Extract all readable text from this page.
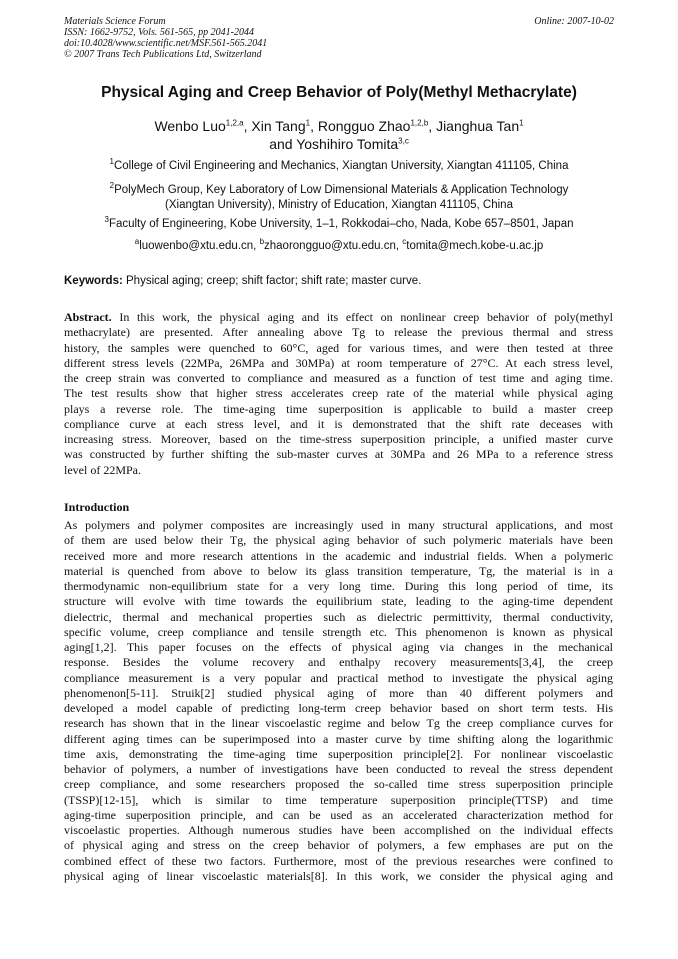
Materials Science Forum
ISSN: 1662-9752, Vols. 561-565, pp 2041-2044
doi:10.4028/www.scientific.net/MSF.561-565.2041
© 2007 Trans Tech Publications Ltd, Switzerland
Online: 2007-10-02
Physical Aging and Creep Behavior of Poly(Methyl Methacrylate)
Wenbo Luo$^{1,2,a}$, Xin Tang$^1$, Rongguo Zhao$^{1,2,b}$, Jianghua Tan$^1$
and Yoshihiro Tomita$^{3,c}$
$^1$College of Civil Engineering and Mechanics, Xiangtan University, Xiangtan 411105, China
$^2$PolyMech Group, Key Laboratory of Low Dimensional Materials & Application Technology
(Xiangtan University), Ministry of Education, Xiangtan 411105, China
$^3$Faculty of Engineering, Kobe University, 1–1, Rokkodai–cho, Nada, Kobe 657–8501, Japan
$^a$luowenbo@xtu.edu.cn, $^b$zhaorongguo@xtu.edu.cn, $^c$tomita@mech.kobe-u.ac.jp
Keywords: Physical aging; creep; shift factor; shift rate; master curve.
Abstract. In this work, the physical aging and its effect on nonlinear creep behavior of poly(methyl
methacrylate) are presented. After annealing above Tg to release the previous thermal and stress
history, the samples were quenched to 60°C, aged for various times, and were then tested at three
different stress levels (22MPa, 26MPa and 30MPa) at room temperature of 27°C. At each stress level,
the creep strain was converted to compliance and measured as a function of test time and aging time.
The test results show that higher stress accelerates creep rate of the material while physical aging
plays a reverse role. The time-aging time superposition is applicable to build a master creep
compliance curve at each stress level, and it is demonstrated that the shift rate deceases with
increasing stress. Moreover, based on the time-stress superposition principle, a unified master curve
was constructed by further shifting the sub-master curves at 30MPa and 26 MPa to a reference stress
level of 22MPa.
Introduction
As polymers and polymer composites are increasingly used in many structural applications, and most
of them are used below their Tg, the physical aging behavior of such polymeric materials have been
received more and more research attentions in the academic and industrial fields. When a polymeric
material is quenched from above to below its glass transition temperature, Tg, the material is in a
thermodynamic non-equilibrium state for a very long time. During this long period of time, its
structure will evolve with time towards the equilibrium state, leading to the aging-time dependent
dielectric, thermal and mechanical properties such as dielectric permittivity, thermal conductivity,
specific volume, creep compliance and tensile strength etc. This phenomenon is known as physical
aging[1,2]. This paper focuses on the effects of physical aging via changes in the mechanical
response. Besides the volume recovery and enthalpy recovery measurements[3,4], the creep
compliance measurement is a very popular and practical method to investigate the physical aging
phenomenon[5-11]. Struik[2] studied physical aging of more than 40 different polymers and
developed a model capable of predicting long-term creep behavior based on short term tests. His
research has shown that in the linear viscoelastic regime and below Tg the creep compliance curves for
different aging times can be superimposed into a master curve by time shifting along the logarithmic
time axis, demonstrating the time-aging time superposition principle[2]. For nonlinear viscoelastic
behavior of polymers, a number of investigations have been conducted to reveal the stress dependent
creep compliance, and some researchers proposed the so-called time stress superposition principle
(TSSP)[12-15], which is similar to time temperature superposition principle(TTSP) and time
aging-time superposition principle, and can be used as an accelerated characterization method for
viscoelastic properties. Although numerous studies have been accomplished on the individual effects
of physical aging and stress on the creep behavior of polymers, a few emphases are put on the
combined effect of these two factors. Furthermore, most of the previous researches were confined to
physical aging of linear viscoelastic materials[8]. In this work, we consider the physical aging and
